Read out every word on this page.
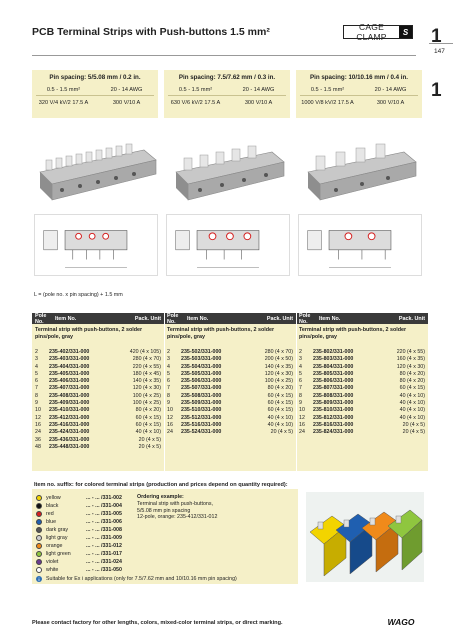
PCB Terminal Strips with Push-buttons 1.5 mm²	CAGE CLAMP	S 1
147
1
Pin spacing: 5/5.08 mm / 0.2 in.
0.5 - 1.5 mm²	20 - 14 AWG
320 V/4 kV/2 17.5 A	300 V/10 A
Pin spacing: 7.5/7.62 mm / 0.3 in.
0.5 - 1.5 mm²	20 - 14 AWG
630 V/6 kV/2 17.5 A	300 V/10 A
Pin spacing: 10/10.16 mm / 0.4 in.
0.5 - 1.5 mm²	20 - 14 AWG
1000 V/8 kV/2 17.5 A	300 V/10 A
L = (pole no. x pin spacing) + 1.5 mm
Pole No.	Item No.	Pack. Unit
Terminal strip with push-buttons, 2 solder pins/pole, gray
2	235-402/331-000	420 (4 x 105)
3	235-403/331-000	280 (4 x 70)
4	235-404/331-000	220 (4 x 55)
5	235-405/331-000	180 (4 x 45)
6	235-406/331-000	140 (4 x 35)
7	235-407/331-000	120 (4 x 30)
8	235-408/331-000	100 (4 x 25)
9	235-409/331-000	100 (4 x 25)
10	235-410/331-000	80 (4 x 20)
12	235-412/331-000	60 (4 x 15)
16	235-416/331-000	60 (4 x 15)
24	235-424/331-000	40 (4 x 10)
36	235-436/331-000	20 (4 x 5)
48	235-448/331-000	20 (4 x 5)
Pole No.	Item No.	Pack. Unit
Terminal strip with push-buttons, 2 solder pins/pole, gray
2	235-502/331-000	280 (4 x 70)
3	235-503/331-000	200 (4 x 50)
4	235-504/331-000	140 (4 x 35)
5	235-505/331-000	120 (4 x 30)
6	235-506/331-000	100 (4 x 25)
7	235-507/331-000	80 (4 x 20)
8	235-508/331-000	60 (4 x 15)
9	235-509/331-000	60 (4 x 15)
10	235-510/331-000	60 (4 x 15)
12	235-512/331-000	40 (4 x 10)
16	235-516/331-000	40 (4 x 10)
24	235-524/331-000	20 (4 x 5)
Pole No.	Item No.	Pack. Unit
Terminal strip with push-buttons, 2 solder pins/pole, gray
2	235-802/331-000	220 (4 x 55)
3	235-803/331-000	160 (4 x 35)
4	235-804/331-000	120 (4 x 30)
5	235-805/331-000	80 (4 x 20)
6	235-806/331-000	80 (4 x 20)
7	235-807/331-000	60 (4 x 15)
8	235-808/331-000	40 (4 x 10)
9	235-809/331-000	40 (4 x 10)
10	235-810/331-000	40 (4 x 10)
12	235-812/331-000	40 (4 x 10)
16	235-816/331-000	20 (4 x 5)
24	235-824/331-000	20 (4 x 5)
Item no. suffix: for colored terminal strips (production and prices depend on quantity required):
yellow	... - ... /331-002
black	... - ... /331-004
red	... - ... /331-005
blue	... - ... /331-006
dark gray	... - ... /331-008
light gray	... - ... /331-009
orange	... - ... /331-012
light green	... - ... /331-017
violet	... - ... /331-024
white	... - ... /331-050
Ordering example:
Terminal strip with push-buttons,
5/5.08 mm pin spacing
12-pole, orange: 235-412/331-012
i	Suitable for Ex i applications (only for 7.5/7.62 mm and 10/10.16 mm pin spacing)
Please contact factory for other lengths, colors, mixed-color terminal strips, or direct marking.	WAGO
